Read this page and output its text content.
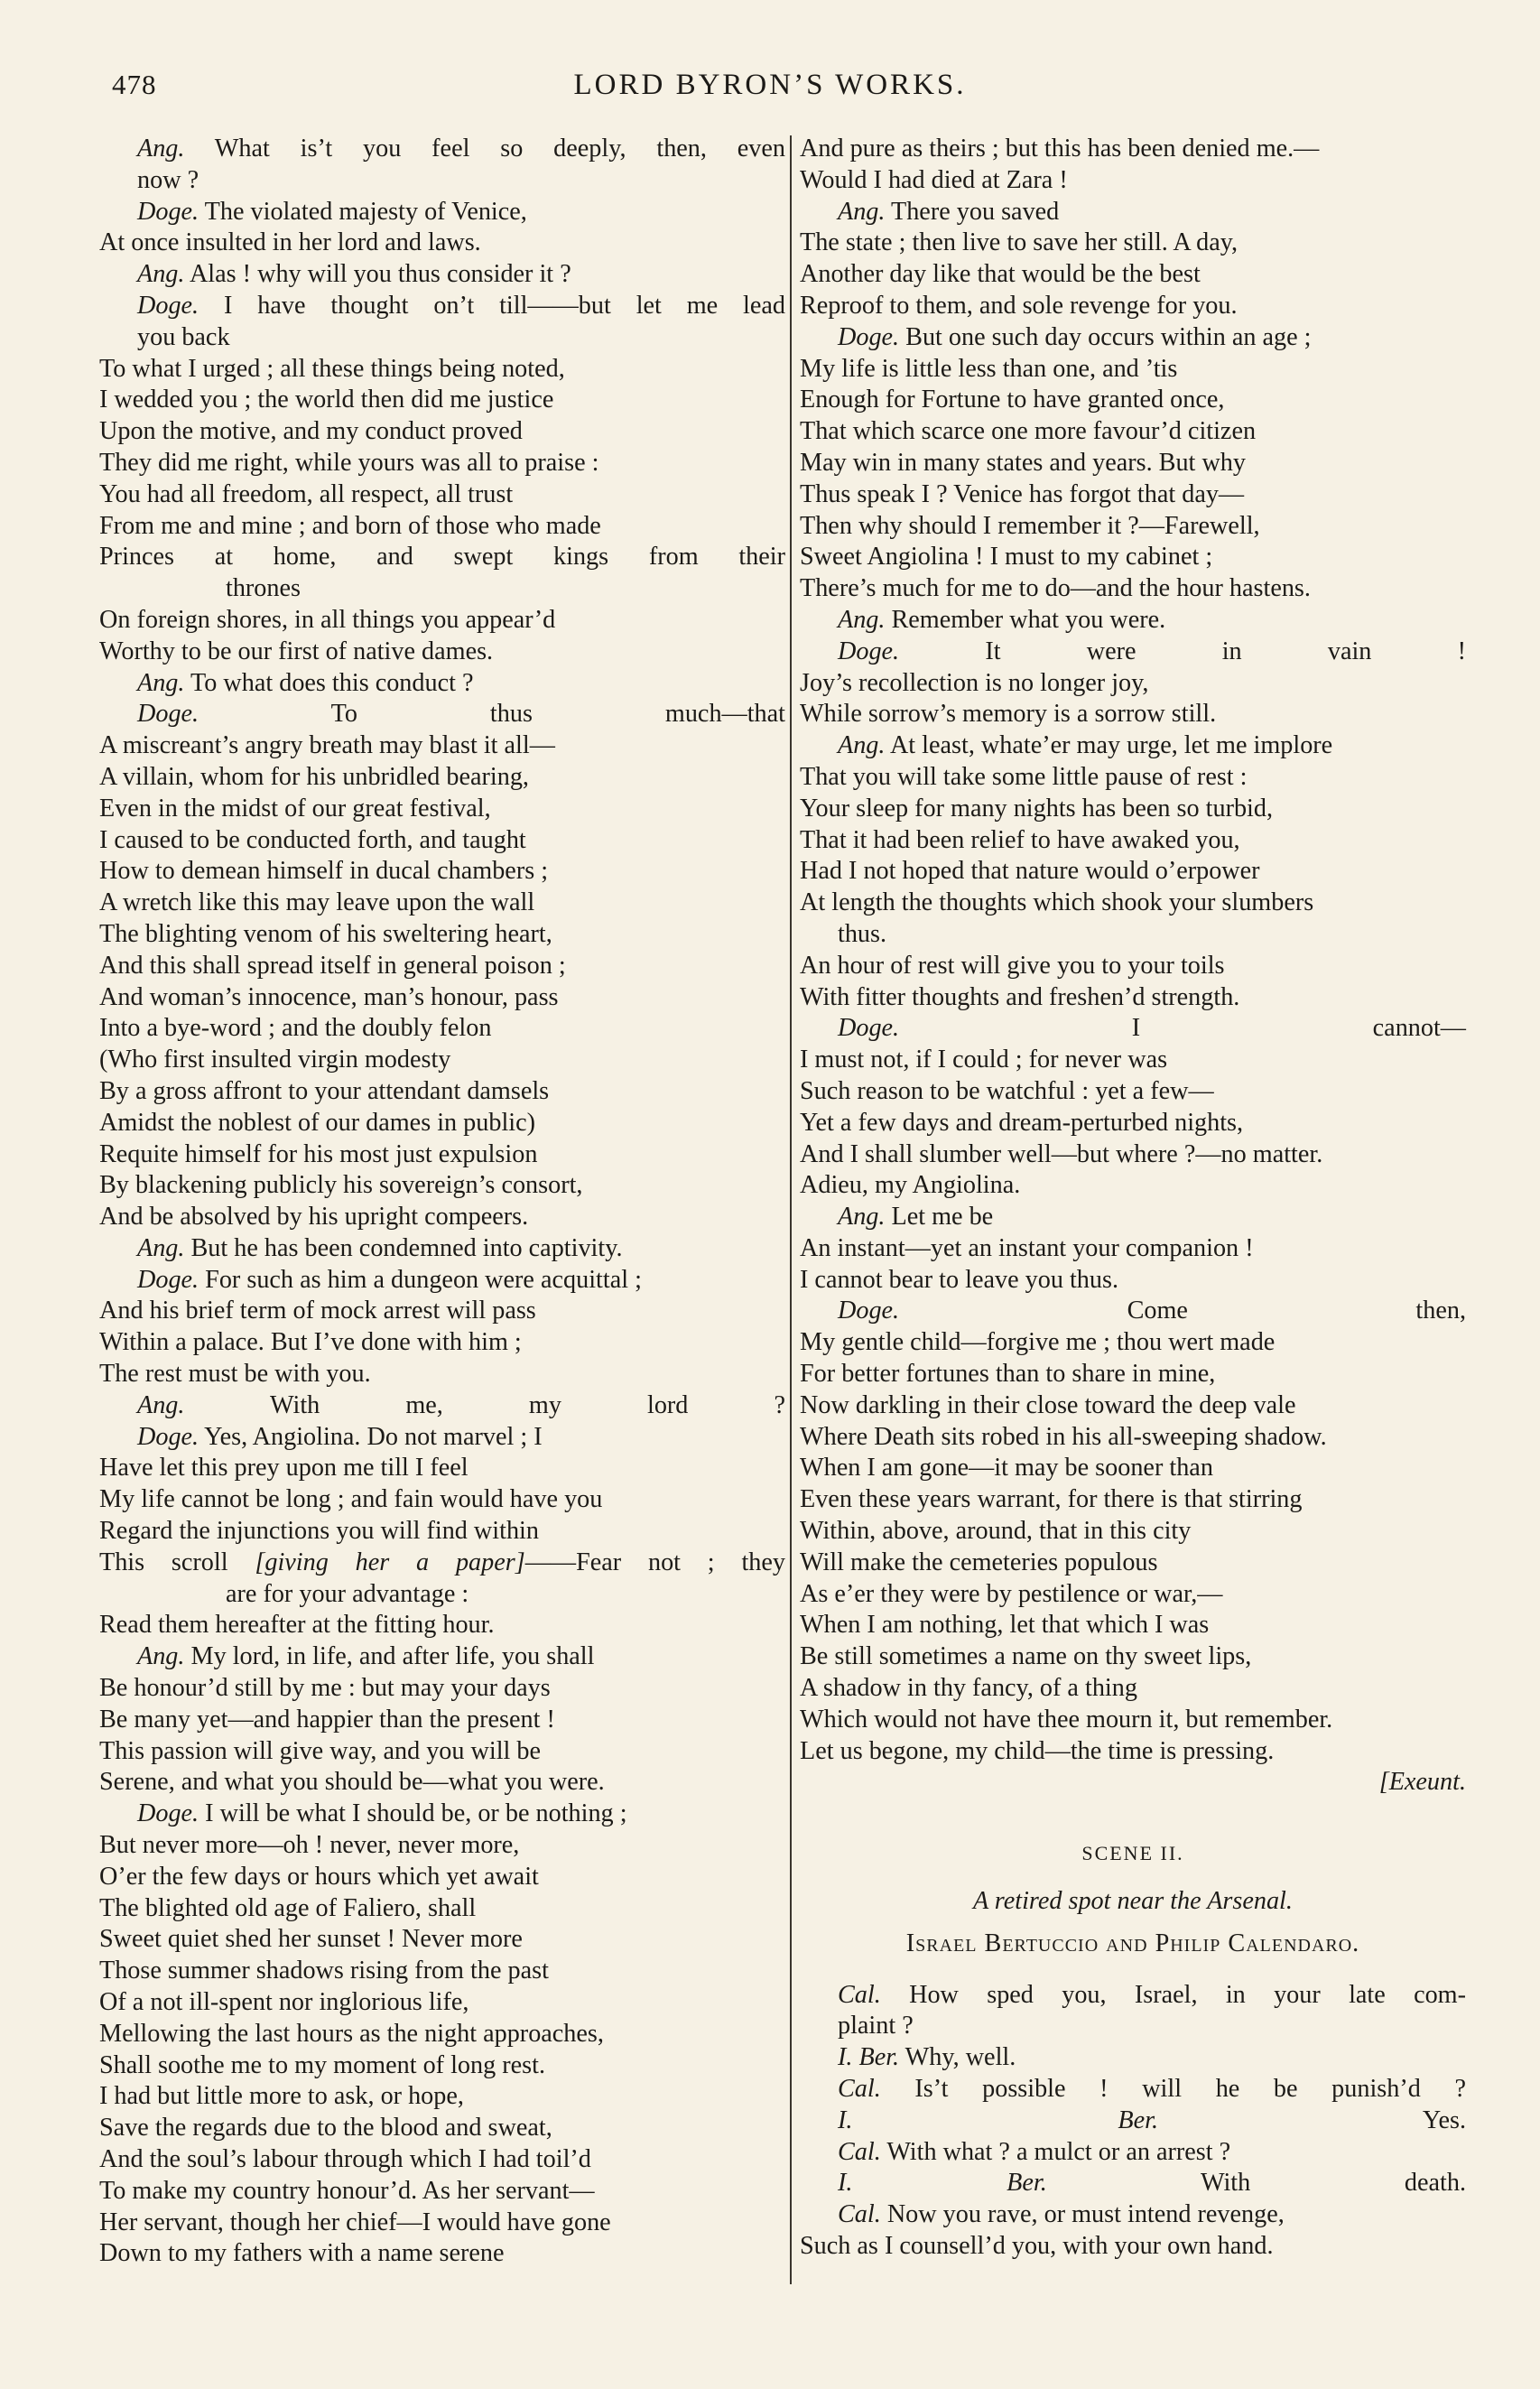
478	LORD BYRON’S WORKS.
Ang. What is’t you feel so deeply, then, even
now ?
Doge. The violated majesty of Venice,
At once insulted in her lord and laws.
Ang. Alas ! why will you thus consider it ?
Doge. I have thought on’t till——but let me lead
you back
To what I urged ; all these things being noted,
I wedded you ; the world then did me justice
Upon the motive, and my conduct proved
They did me right, while yours was all to praise :
You had all freedom, all respect, all trust
From me and mine ; and born of those who made
Princes at home, and swept kings from their
thrones
On foreign shores, in all things you appear’d
Worthy to be our first of native dames.
Ang. To what does this conduct ?
Doge. To thus much—that
A miscreant’s angry breath may blast it all—
A villain, whom for his unbridled bearing,
Even in the midst of our great festival,
I caused to be conducted forth, and taught
How to demean himself in ducal chambers ;
A wretch like this may leave upon the wall
The blighting venom of his sweltering heart,
And this shall spread itself in general poison ;
And woman’s innocence, man’s honour, pass
Into a bye-word ; and the doubly felon
(Who first insulted virgin modesty
By a gross affront to your attendant damsels
Amidst the noblest of our dames in public)
Requite himself for his most just expulsion
By blackening publicly his sovereign’s consort,
And be absolved by his upright compeers.
Ang. But he has been condemned into captivity.
Doge. For such as him a dungeon were acquittal ;
And his brief term of mock arrest will pass
Within a palace. But I’ve done with him ;
The rest must be with you.
Ang. With me, my lord ?
Doge. Yes, Angiolina. Do not marvel ; I
Have let this prey upon me till I feel
My life cannot be long ; and fain would have you
Regard the injunctions you will find within
This scroll [giving her a paper]——Fear not ; they
are for your advantage :
Read them hereafter at the fitting hour.
Ang. My lord, in life, and after life, you shall
Be honour’d still by me : but may your days
Be many yet—and happier than the present !
This passion will give way, and you will be
Serene, and what you should be—what you were.
Doge. I will be what I should be, or be nothing ;
But never more—oh ! never, never more,
O’er the few days or hours which yet await
The blighted old age of Faliero, shall
Sweet quiet shed her sunset ! Never more
Those summer shadows rising from the past
Of a not ill-spent nor inglorious life,
Mellowing the last hours as the night approaches,
Shall soothe me to my moment of long rest.
I had but little more to ask, or hope,
Save the regards due to the blood and sweat,
And the soul’s labour through which I had toil’d
To make my country honour’d. As her servant—
Her servant, though her chief—I would have gone
Down to my fathers with a name serene
And pure as theirs ; but this has been denied me.—
Would I had died at Zara !
Ang. There you saved
The state ; then live to save her still. A day,
Another day like that would be the best
Reproof to them, and sole revenge for you.
Doge. But one such day occurs within an age ;
My life is little less than one, and ’tis
Enough for Fortune to have granted once,
That which scarce one more favour’d citizen
May win in many states and years. But why
Thus speak I ? Venice has forgot that day—
Then why should I remember it ?—Farewell,
Sweet Angiolina ! I must to my cabinet ;
There’s much for me to do—and the hour hastens.
Ang. Remember what you were.
Doge. It were in vain !
Joy’s recollection is no longer joy,
While sorrow’s memory is a sorrow still.
Ang. At least, whate’er may urge, let me implore
That you will take some little pause of rest :
Your sleep for many nights has been so turbid,
That it had been relief to have awaked you,
Had I not hoped that nature would o’erpower
At length the thoughts which shook your slumbers
thus.
An hour of rest will give you to your toils
With fitter thoughts and freshen’d strength.
Doge. I cannot—
I must not, if I could ; for never was
Such reason to be watchful : yet a few—
Yet a few days and dream-perturbed nights,
And I shall slumber well—but where ?—no matter.
Adieu, my Angiolina.
Ang. Let me be
An instant—yet an instant your companion !
I cannot bear to leave you thus.
Doge. Come then,
My gentle child—forgive me ; thou wert made
For better fortunes than to share in mine,
Now darkling in their close toward the deep vale
Where Death sits robed in his all-sweeping shadow.
When I am gone—it may be sooner than
Even these years warrant, for there is that stirring
Within, above, around, that in this city
Will make the cemeteries populous
As e’er they were by pestilence or war,—
When I am nothing, let that which I was
Be still sometimes a name on thy sweet lips,
A shadow in thy fancy, of a thing
Which would not have thee mourn it, but remember.
Let us begone, my child—the time is pressing.
[Exeunt.
SCENE II.
A retired spot near the Arsenal.
Israel Bertuccio and Philip Calendaro.
Cal. How sped you, Israel, in your late com-
plaint ?
I. Ber. Why, well.
Cal. Is’t possible ! will he be punish’d ?
I. Ber. Yes.
Cal. With what ? a mulct or an arrest ?
I. Ber. With death.
Cal. Now you rave, or must intend revenge,
Such as I counsell’d you, with your own hand.
